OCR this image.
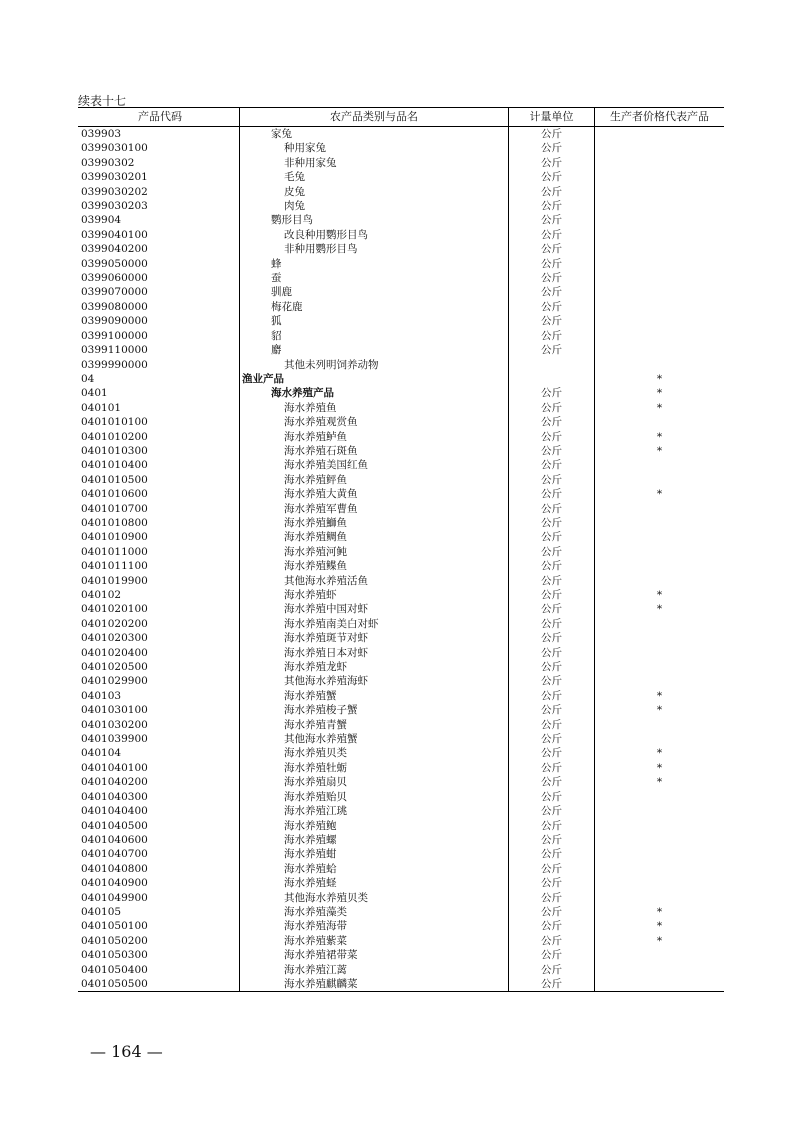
续表十七
产品代码	农产品类别与品名	计量单位	生产者价格代表产品
039903	家兔	公斤	
0399030100	种用家兔	公斤	
03990302	非种用家兔	公斤	
0399030201	毛兔	公斤	
0399030202	皮兔	公斤	
0399030203	肉兔	公斤	
039904	鹦形目鸟	公斤	
0399040100	改良种用鹦形目鸟	公斤	
0399040200	非种用鹦形目鸟	公斤	
0399050000	蜂	公斤	
0399060000	蚕	公斤	
0399070000	驯鹿	公斤	
0399080000	梅花鹿	公斤	
0399090000	狐	公斤	
0399100000	貂	公斤	
0399110000	麝	公斤	
0399990000	其他未列明饲养动物		
04	渔业产品		*
0401	海水养殖产品	公斤	*
040101	海水养殖鱼	公斤	*
0401010100	海水养殖观赏鱼	公斤	
0401010200	海水养殖鲈鱼	公斤	*
0401010300	海水养殖石斑鱼	公斤	*
0401010400	海水养殖美国红鱼	公斤	
0401010500	海水养殖鲆鱼	公斤	
0401010600	海水养殖大黄鱼	公斤	*
0401010700	海水养殖军曹鱼	公斤	
0401010800	海水养殖鰤鱼	公斤	
0401010900	海水养殖鲷鱼	公斤	
0401011000	海水养殖河鲀	公斤	
0401011100	海水养殖鲽鱼	公斤	
0401019900	其他海水养殖活鱼	公斤	
040102	海水养殖虾	公斤	*
0401020100	海水养殖中国对虾	公斤	*
0401020200	海水养殖南美白对虾	公斤	
0401020300	海水养殖斑节对虾	公斤	
0401020400	海水养殖日本对虾	公斤	
0401020500	海水养殖龙虾	公斤	
0401029900	其他海水养殖海虾	公斤	
040103	海水养殖蟹	公斤	*
0401030100	海水养殖梭子蟹	公斤	*
0401030200	海水养殖青蟹	公斤	
0401039900	其他海水养殖蟹	公斤	
040104	海水养殖贝类	公斤	*
0401040100	海水养殖牡蛎	公斤	*
0401040200	海水养殖扇贝	公斤	*
0401040300	海水养殖贻贝	公斤	
0401040400	海水养殖江珧	公斤	
0401040500	海水养殖鲍	公斤	
0401040600	海水养殖螺	公斤	
0401040700	海水养殖蚶	公斤	
0401040800	海水养殖蛤	公斤	
0401040900	海水养殖蛏	公斤	
0401049900	其他海水养殖贝类	公斤	
040105	海水养殖藻类	公斤	*
0401050100	海水养殖海带	公斤	*
0401050200	海水养殖紫菜	公斤	*
0401050300	海水养殖裙带菜	公斤	
0401050400	海水养殖江蓠	公斤	
0401050500	海水养殖麒麟菜	公斤	
— 164 —
